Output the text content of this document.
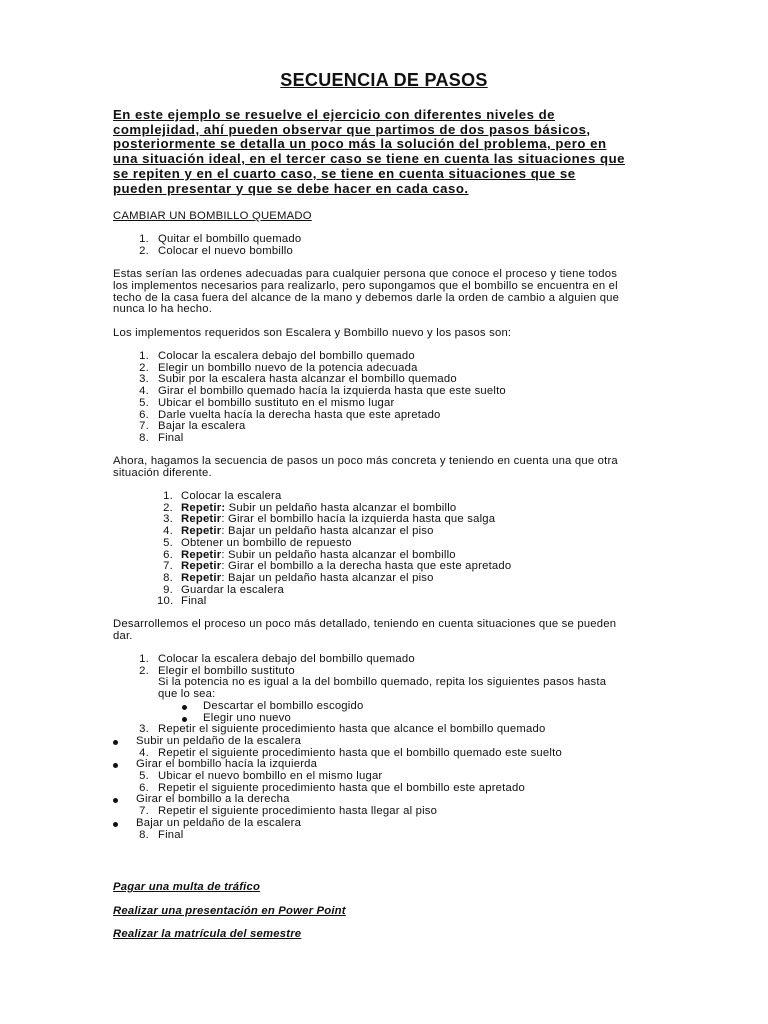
SECUENCIA DE PASOS
En este ejemplo se resuelve el ejercicio con diferentes niveles de
complejidad, ahí pueden observar que partimos de dos pasos básicos,
posteriormente se detalla un poco más la solución del problema, pero en
una situación ideal, en el tercer caso se tiene en cuenta las situaciones que
se repiten y en el cuarto caso, se tiene en cuenta situaciones que se
pueden presentar y que se debe hacer en cada caso.
CAMBIAR UN BOMBILLO QUEMADO
1. Quitar el bombillo quemado
2. Colocar el nuevo bombillo
Estas serían las ordenes adecuadas para cualquier persona que conoce el proceso y tiene todos
los implementos necesarios para realizarlo, pero supongamos que el bombillo se encuentra en el
techo de la casa fuera del alcance de la mano y debemos darle la orden de cambio a alguien que
nunca lo ha hecho.
Los implementos requeridos son Escalera y Bombillo nuevo y los pasos son:
1. Colocar la escalera debajo del bombillo quemado
2. Elegir un bombillo nuevo de la potencia adecuada
3. Subir por la escalera hasta alcanzar el bombillo quemado
4. Girar el bombillo quemado hacía la izquierda hasta que este suelto
5. Ubicar el bombillo sustituto en el mismo lugar
6. Darle vuelta hacía la derecha hasta que este apretado
7. Bajar la escalera
8. Final
Ahora, hagamos la secuencia de pasos un poco más concreta y teniendo en cuenta una que otra
situación diferente.
1. Colocar la escalera
2. Repetir: Subir un peldaño hasta alcanzar el bombillo
3. Repetir: Girar el bombillo hacía la izquierda hasta que salga
4. Repetir: Bajar un peldaño hasta alcanzar el piso
5. Obtener un bombillo de repuesto
6. Repetir: Subir un peldaño hasta alcanzar el bombillo
7. Repetir: Girar el bombillo a la derecha hasta que este apretado
8. Repetir: Bajar un peldaño hasta alcanzar el piso
9. Guardar la escalera
10. Final
Desarrollemos el proceso un poco más detallado, teniendo en cuenta situaciones que se pueden
dar.
1. Colocar la escalera debajo del bombillo quemado
2. Elegir el bombillo sustituto
Si la potencia no es igual a la del bombillo quemado, repita los siguientes pasos hasta
que lo sea:
Descartar el bombillo escogido
Elegir uno nuevo
3. Repetir el siguiente procedimiento hasta que alcance el bombillo quemado
Subir un peldaño de la escalera
4. Repetir el siguiente procedimiento hasta que el bombillo quemado este suelto
Girar el bombillo hacía la izquierda
5. Ubicar el nuevo bombillo en el mismo lugar
6. Repetir el siguiente procedimiento hasta que el bombillo este apretado
Girar el bombillo a la derecha
7. Repetir el siguiente procedimiento hasta llegar al piso
Bajar un peldaño de la escalera
8. Final
Pagar una multa de tráfico
Realizar una presentación en Power Point
Realizar la matrícula del semestre
